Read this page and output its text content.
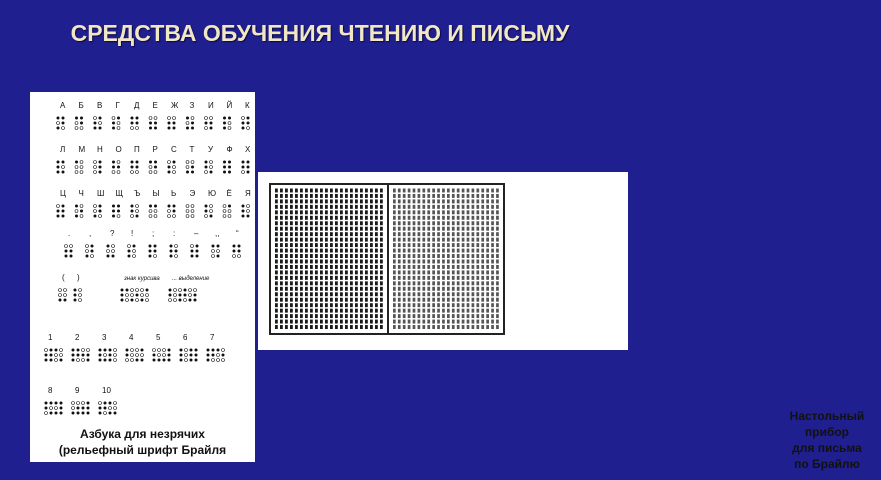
СРЕДСТВА ОБУЧЕНИЯ ЧТЕНИЮ И ПИСЬМУ
А Б В Г Д Е Ж З И Й К
Л М Н О П Р С Т У Ф Х
Ц Ч Ш Щ Ъ Ы Ь Э Ю Ё Я
. , ? ! ; : – ,, “
( )	знак курсива ... выделение
1	2	3	4	5	6	7
8	9	10
Азбука для незрячих
(рельефный шрифт Брайля
Настольный
прибор
для письма
по Брайлю
